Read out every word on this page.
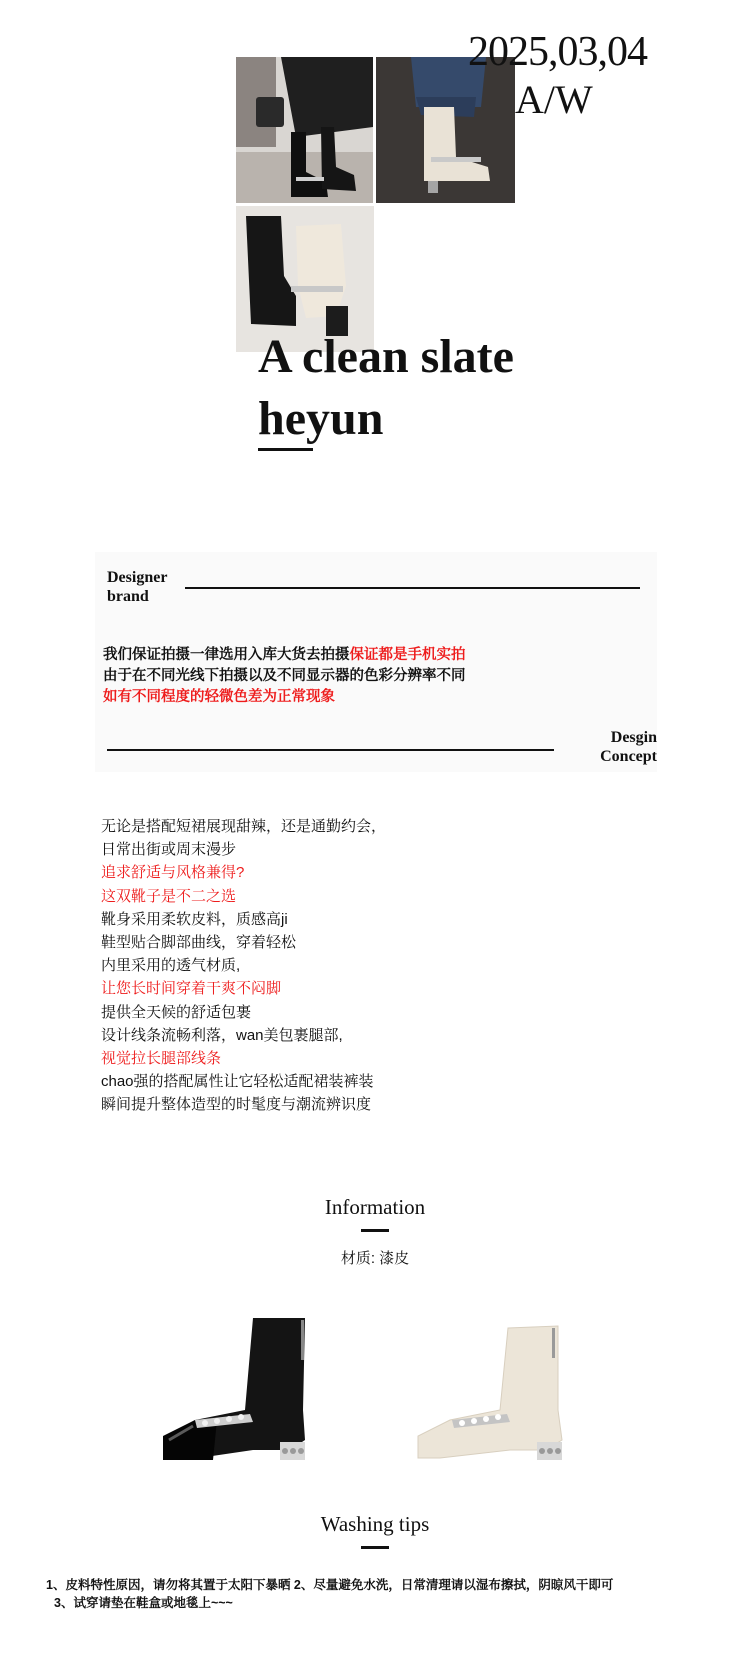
2025,03,04
A/W
A clean slate
heyun
Designer
brand
我们保证拍摄一律选用入库大货去拍摄保证都是手机实拍
由于在不同光线下拍摄以及不同显示器的色彩分辨率不同
如有不同程度的轻微色差为正常现象
Desgin
Concept
无论是搭配短裙展现甜辣，还是通勤约会，
日常出街或周末漫步
追求舒适与风格兼得?
这双靴子是不二之选
靴身采用柔软皮料，质感高ji
鞋型贴合脚部曲线，穿着轻松
内里采用的透气材质,
让您长时间穿着干爽不闷脚
提供全天候的舒适包裹
设计线条流畅利落，wan美包裹腿部,
视觉拉长腿部线条
chao强的搭配属性让它轻松适配裙装裤装
瞬间提升整体造型的时髦度与潮流辨识度
Information
材质: 漆皮
Washing tips
1、皮料特性原因，请勿将其置于太阳下暴晒 2、尽量避免水洗，日常清理请以湿布擦拭，阴晾风干即可
3、试穿请垫在鞋盒或地毯上~~~
